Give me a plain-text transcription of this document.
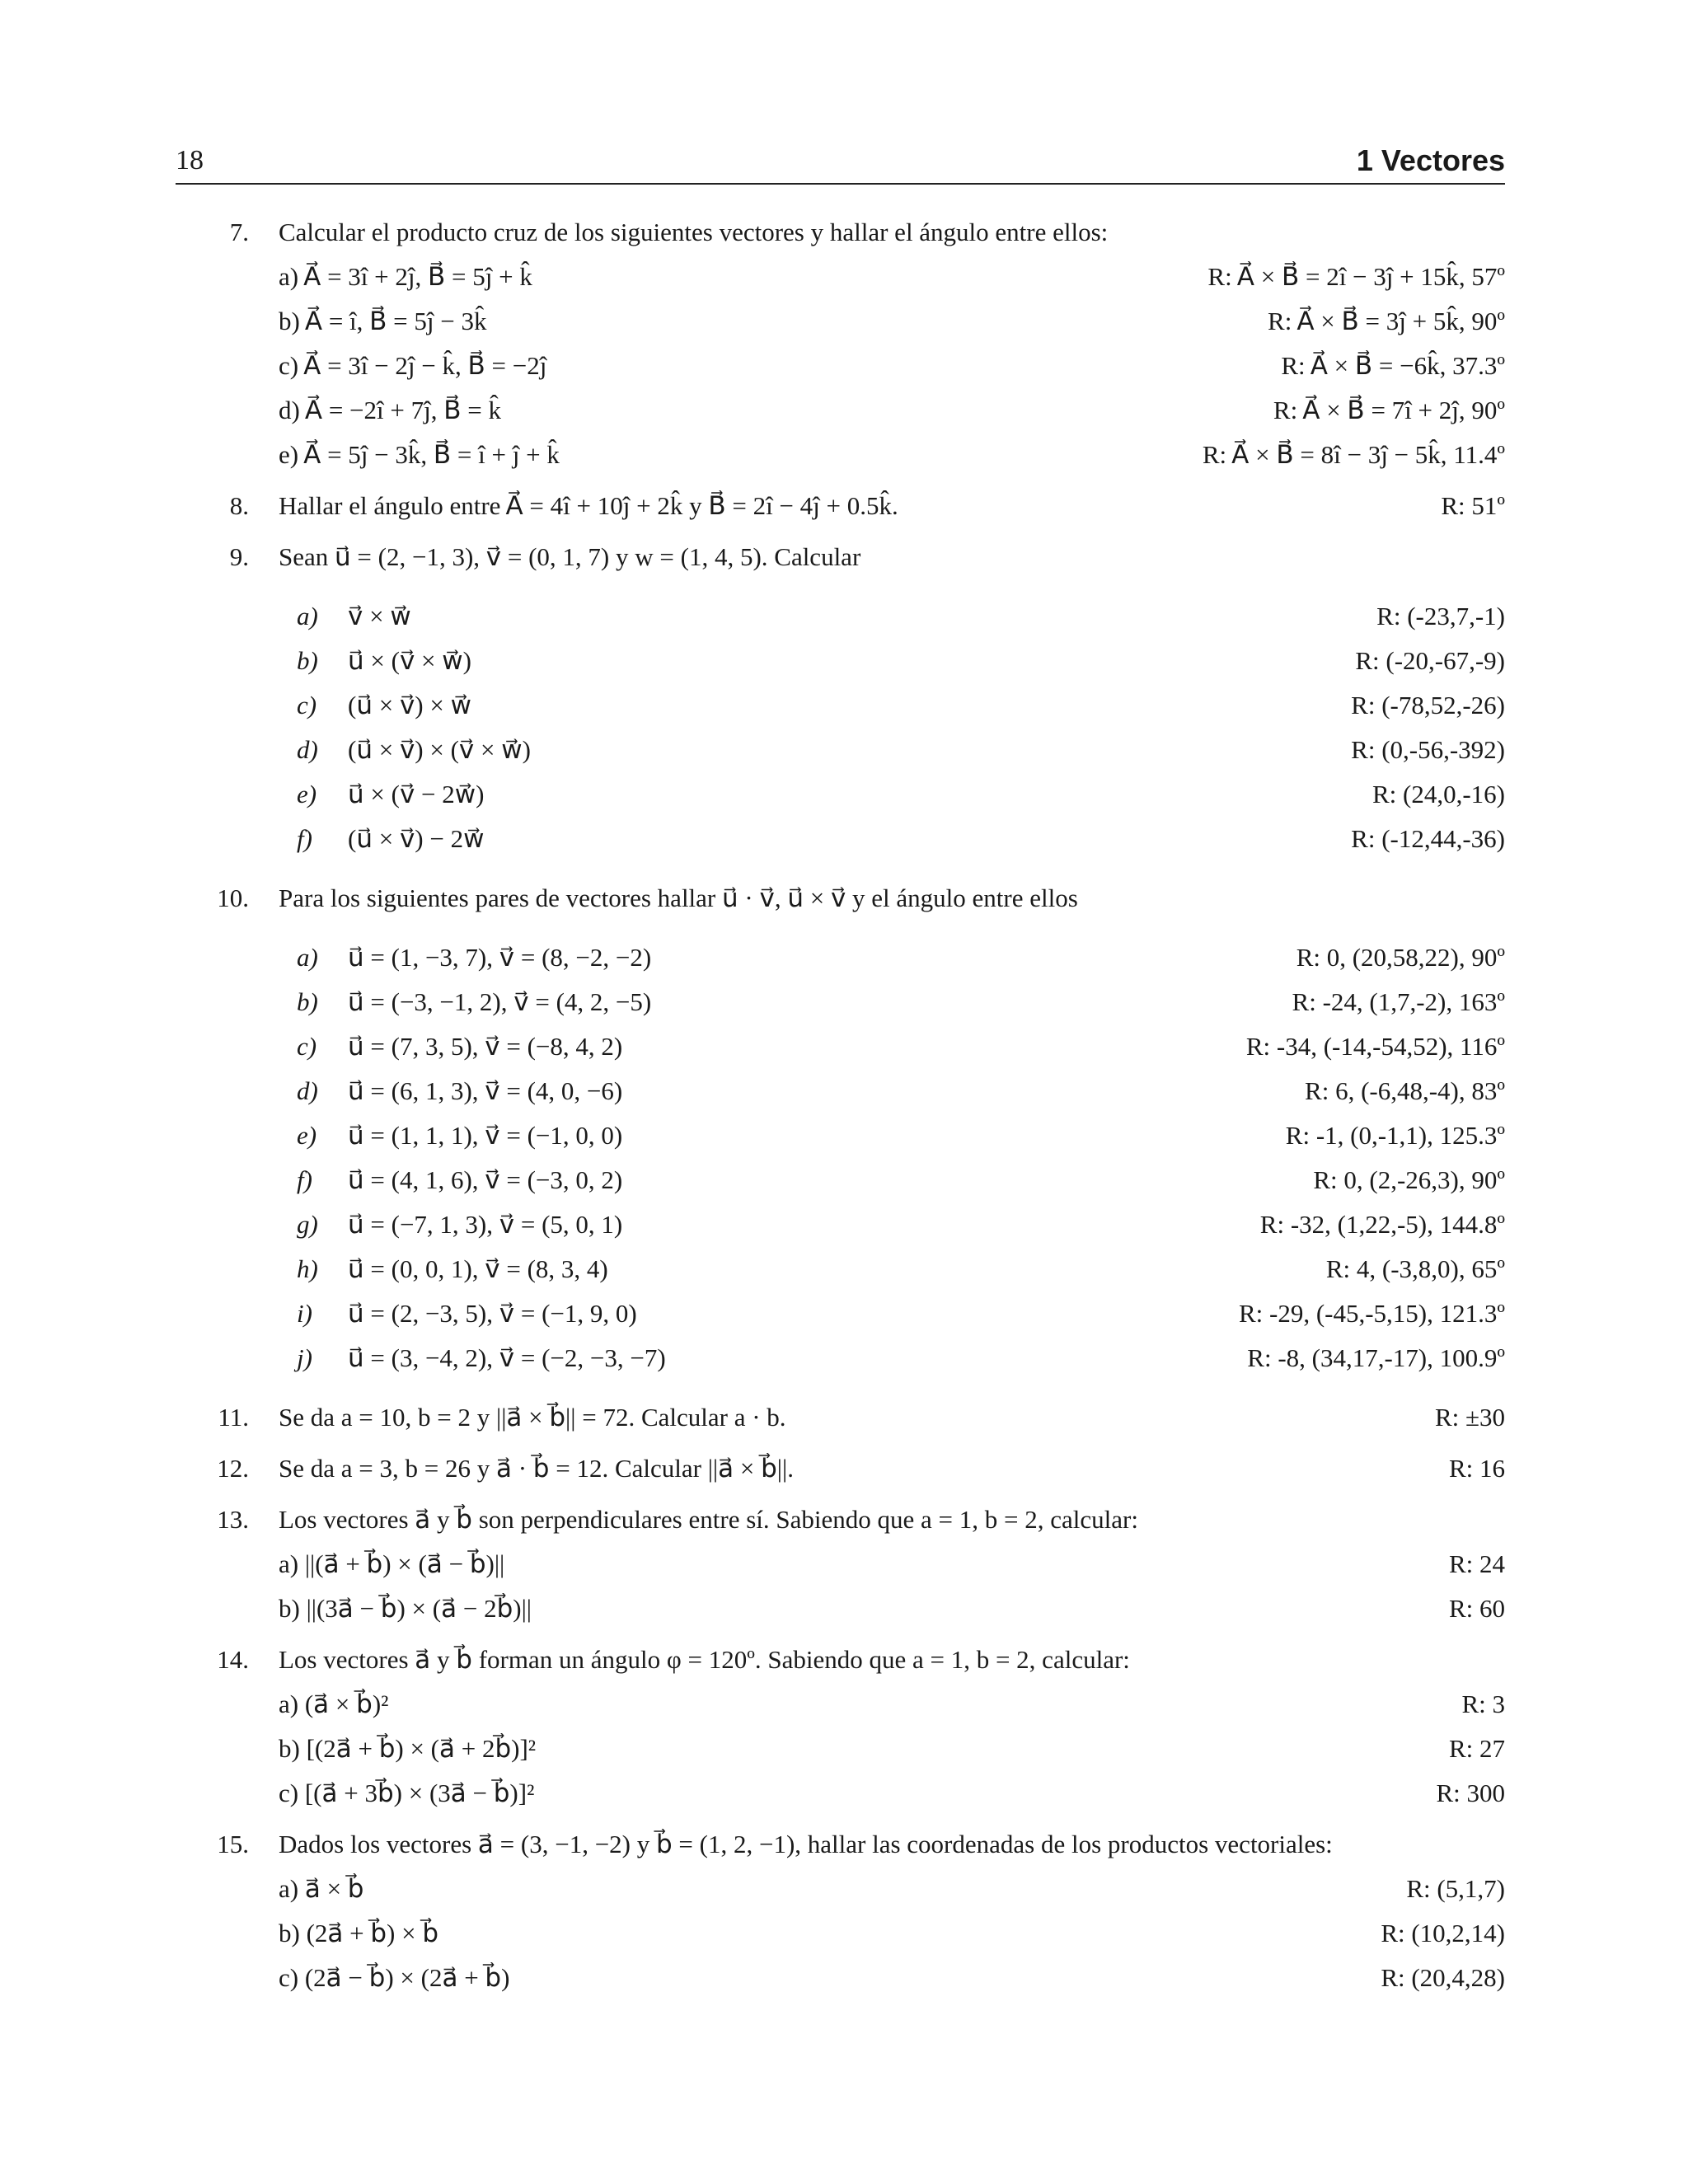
18	1 Vectores
7. Calcular el producto cruz de los siguientes vectores y hallar el ángulo entre ellos:
a) A⃗ = 3î + 2ĵ, B⃗ = 5ĵ + k̂	R: A⃗ × B⃗ = 2î − 3ĵ + 15k̂, 57º
b) A⃗ = î, B⃗ = 5ĵ − 3k̂	R: A⃗ × B⃗ = 3ĵ + 5k̂, 90º
c) A⃗ = 3î − 2ĵ − k̂, B⃗ = −2ĵ	R: A⃗ × B⃗ = −6k̂, 37.3º
d) A⃗ = −2î + 7ĵ, B⃗ = k̂	R: A⃗ × B⃗ = 7î + 2ĵ, 90º
e) A⃗ = 5ĵ − 3k̂, B⃗ = î + ĵ + k̂	R: A⃗ × B⃗ = 8î − 3ĵ − 5k̂, 11.4º
8. Hallar el ángulo entre A⃗ = 4î + 10ĵ + 2k̂ y B⃗ = 2î − 4ĵ + 0.5k̂.	R: 51º
9. Sean u⃗ = (2, −1, 3), v⃗ = (0, 1, 7) y w = (1, 4, 5). Calcular
a) v⃗ × w⃗	R: (-23,7,-1)
b) u⃗ × (v⃗ × w⃗)	R: (-20,-67,-9)
c) (u⃗ × v⃗) × w⃗	R: (-78,52,-26)
d) (u⃗ × v⃗) × (v⃗ × w⃗)	R: (0,-56,-392)
e) u⃗ × (v⃗ − 2w⃗)	R: (24,0,-16)
f) (u⃗ × v⃗) − 2w⃗	R: (-12,44,-36)
10. Para los siguientes pares de vectores hallar u⃗ · v⃗, u⃗ × v⃗ y el ángulo entre ellos
a) u⃗ = (1, −3, 7), v⃗ = (8, −2, −2)	R: 0, (20,58,22), 90º
b) u⃗ = (−3, −1, 2), v⃗ = (4, 2, −5)	R: -24, (1,7,-2), 163º
c) u⃗ = (7, 3, 5), v⃗ = (−8, 4, 2)	R: -34, (-14,-54,52), 116º
d) u⃗ = (6, 1, 3), v⃗ = (4, 0, −6)	R: 6, (-6,48,-4), 83º
e) u⃗ = (1, 1, 1), v⃗ = (−1, 0, 0)	R: -1, (0,-1,1), 125.3º
f) u⃗ = (4, 1, 6), v⃗ = (−3, 0, 2)	R: 0, (2,-26,3), 90º
g) u⃗ = (−7, 1, 3), v⃗ = (5, 0, 1)	R: -32, (1,22,-5), 144.8º
h) u⃗ = (0, 0, 1), v⃗ = (8, 3, 4)	R: 4, (-3,8,0), 65º
i) u⃗ = (2, −3, 5), v⃗ = (−1, 9, 0)	R: -29, (-45,-5,15), 121.3º
j) u⃗ = (3, −4, 2), v⃗ = (−2, −3, −7)	R: -8, (34,17,-17), 100.9º
11. Se da a = 10, b = 2 y ||a⃗ × b⃗|| = 72. Calcular a · b.	R: ±30
12. Se da a = 3, b = 26 y a⃗ · b⃗ = 12. Calcular ||a⃗ × b⃗||.	R: 16
13. Los vectores a⃗ y b⃗ son perpendiculares entre sí. Sabiendo que a = 1, b = 2, calcular:
a) ||(a⃗ + b⃗) × (a⃗ − b⃗)||	R: 24
b) ||(3a⃗ − b⃗) × (a⃗ − 2b⃗)||	R: 60
14. Los vectores a⃗ y b⃗ forman un ángulo φ = 120º. Sabiendo que a = 1, b = 2, calcular:
a) (a⃗ × b⃗)²	R: 3
b) [(2a⃗ + b⃗) × (a⃗ + 2b⃗)]²	R: 27
c) [(a⃗ + 3b⃗) × (3a⃗ − b⃗)]²	R: 300
15. Dados los vectores a⃗ = (3, −1, −2) y b⃗ = (1, 2, −1), hallar las coordenadas de los productos vectoriales:
a) a⃗ × b⃗	R: (5,1,7)
b) (2a⃗ + b⃗) × b⃗	R: (10,2,14)
c) (2a⃗ − b⃗) × (2a⃗ + b⃗)	R: (20,4,28)
